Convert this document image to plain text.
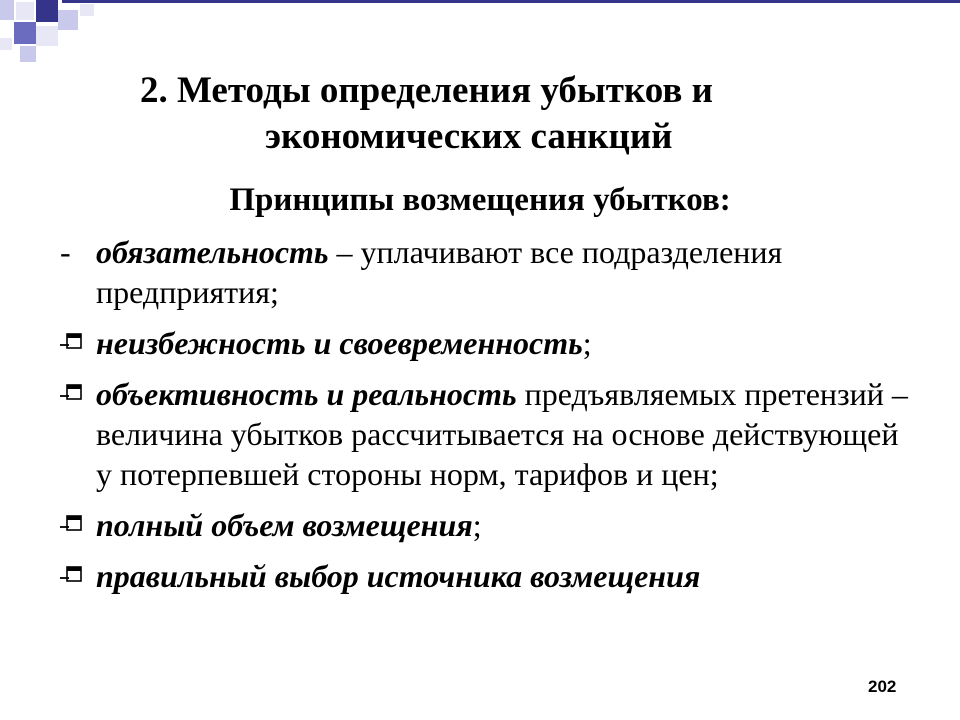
2. Методы определения убытков и экономических санкций
Принципы возмещения убытков:
- обязательность – уплачивают все подразделения предприятия;
неизбежность и своевременность;
объективность и реальность предъявляемых претензий – величина убытков рассчитывается на основе действующей у потерпевшей стороны норм, тарифов и цен;
полный объем возмещения;
правильный выбор источника возмещения
202
